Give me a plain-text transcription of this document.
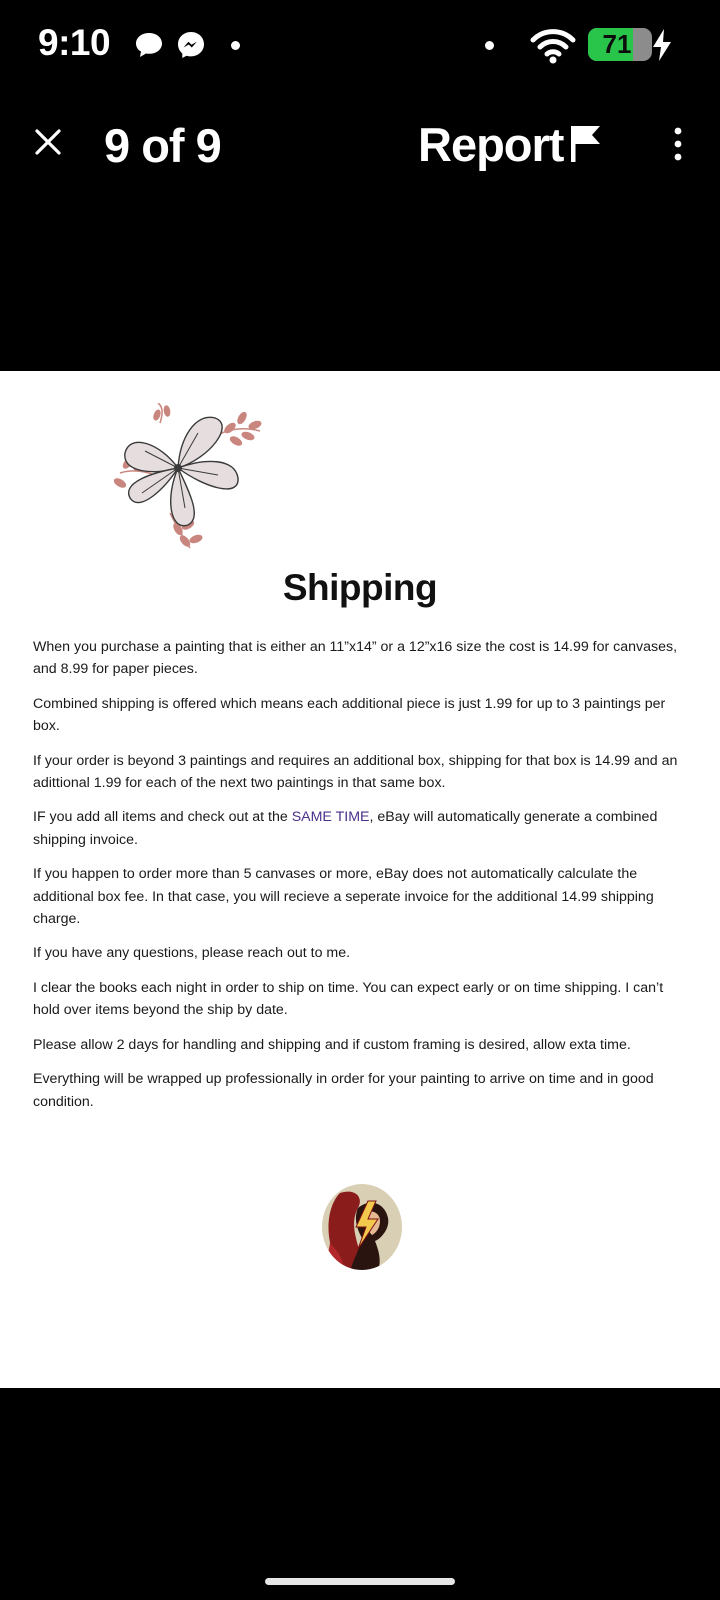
9:10	71
9 of 9	Report
Shipping

When you purchase a painting that is either an 11”x14” or a 12”x16 size the cost is 14.99 for canvases, and 8.99 for paper pieces.

Combined shipping is offered which means each additional piece is just 1.99 for up to 3 paintings per box.

If your order is beyond 3 paintings and requires an additional box, shipping for that box is 14.99 and an adittional 1.99 for each of the next two paintings in that same box.

IF you add all items and check out at the SAME TIME, eBay will automatically generate a combined shipping invoice.

If you happen to order more than 5 canvases or more, eBay does not automatically calculate the additional box fee. In that case, you will recieve a seperate invoice for the additional 14.99 shipping charge.

If you have any questions, please reach out to me.

I clear the books each night in order to ship on time. You can expect early or on time shipping. I can’t hold over items beyond the ship by date.

Please allow 2 days for handling and shipping and if custom framing is desired, allow exta time.

Everything will be wrapped up professionally in order for your painting to arrive on time and in good condition.
